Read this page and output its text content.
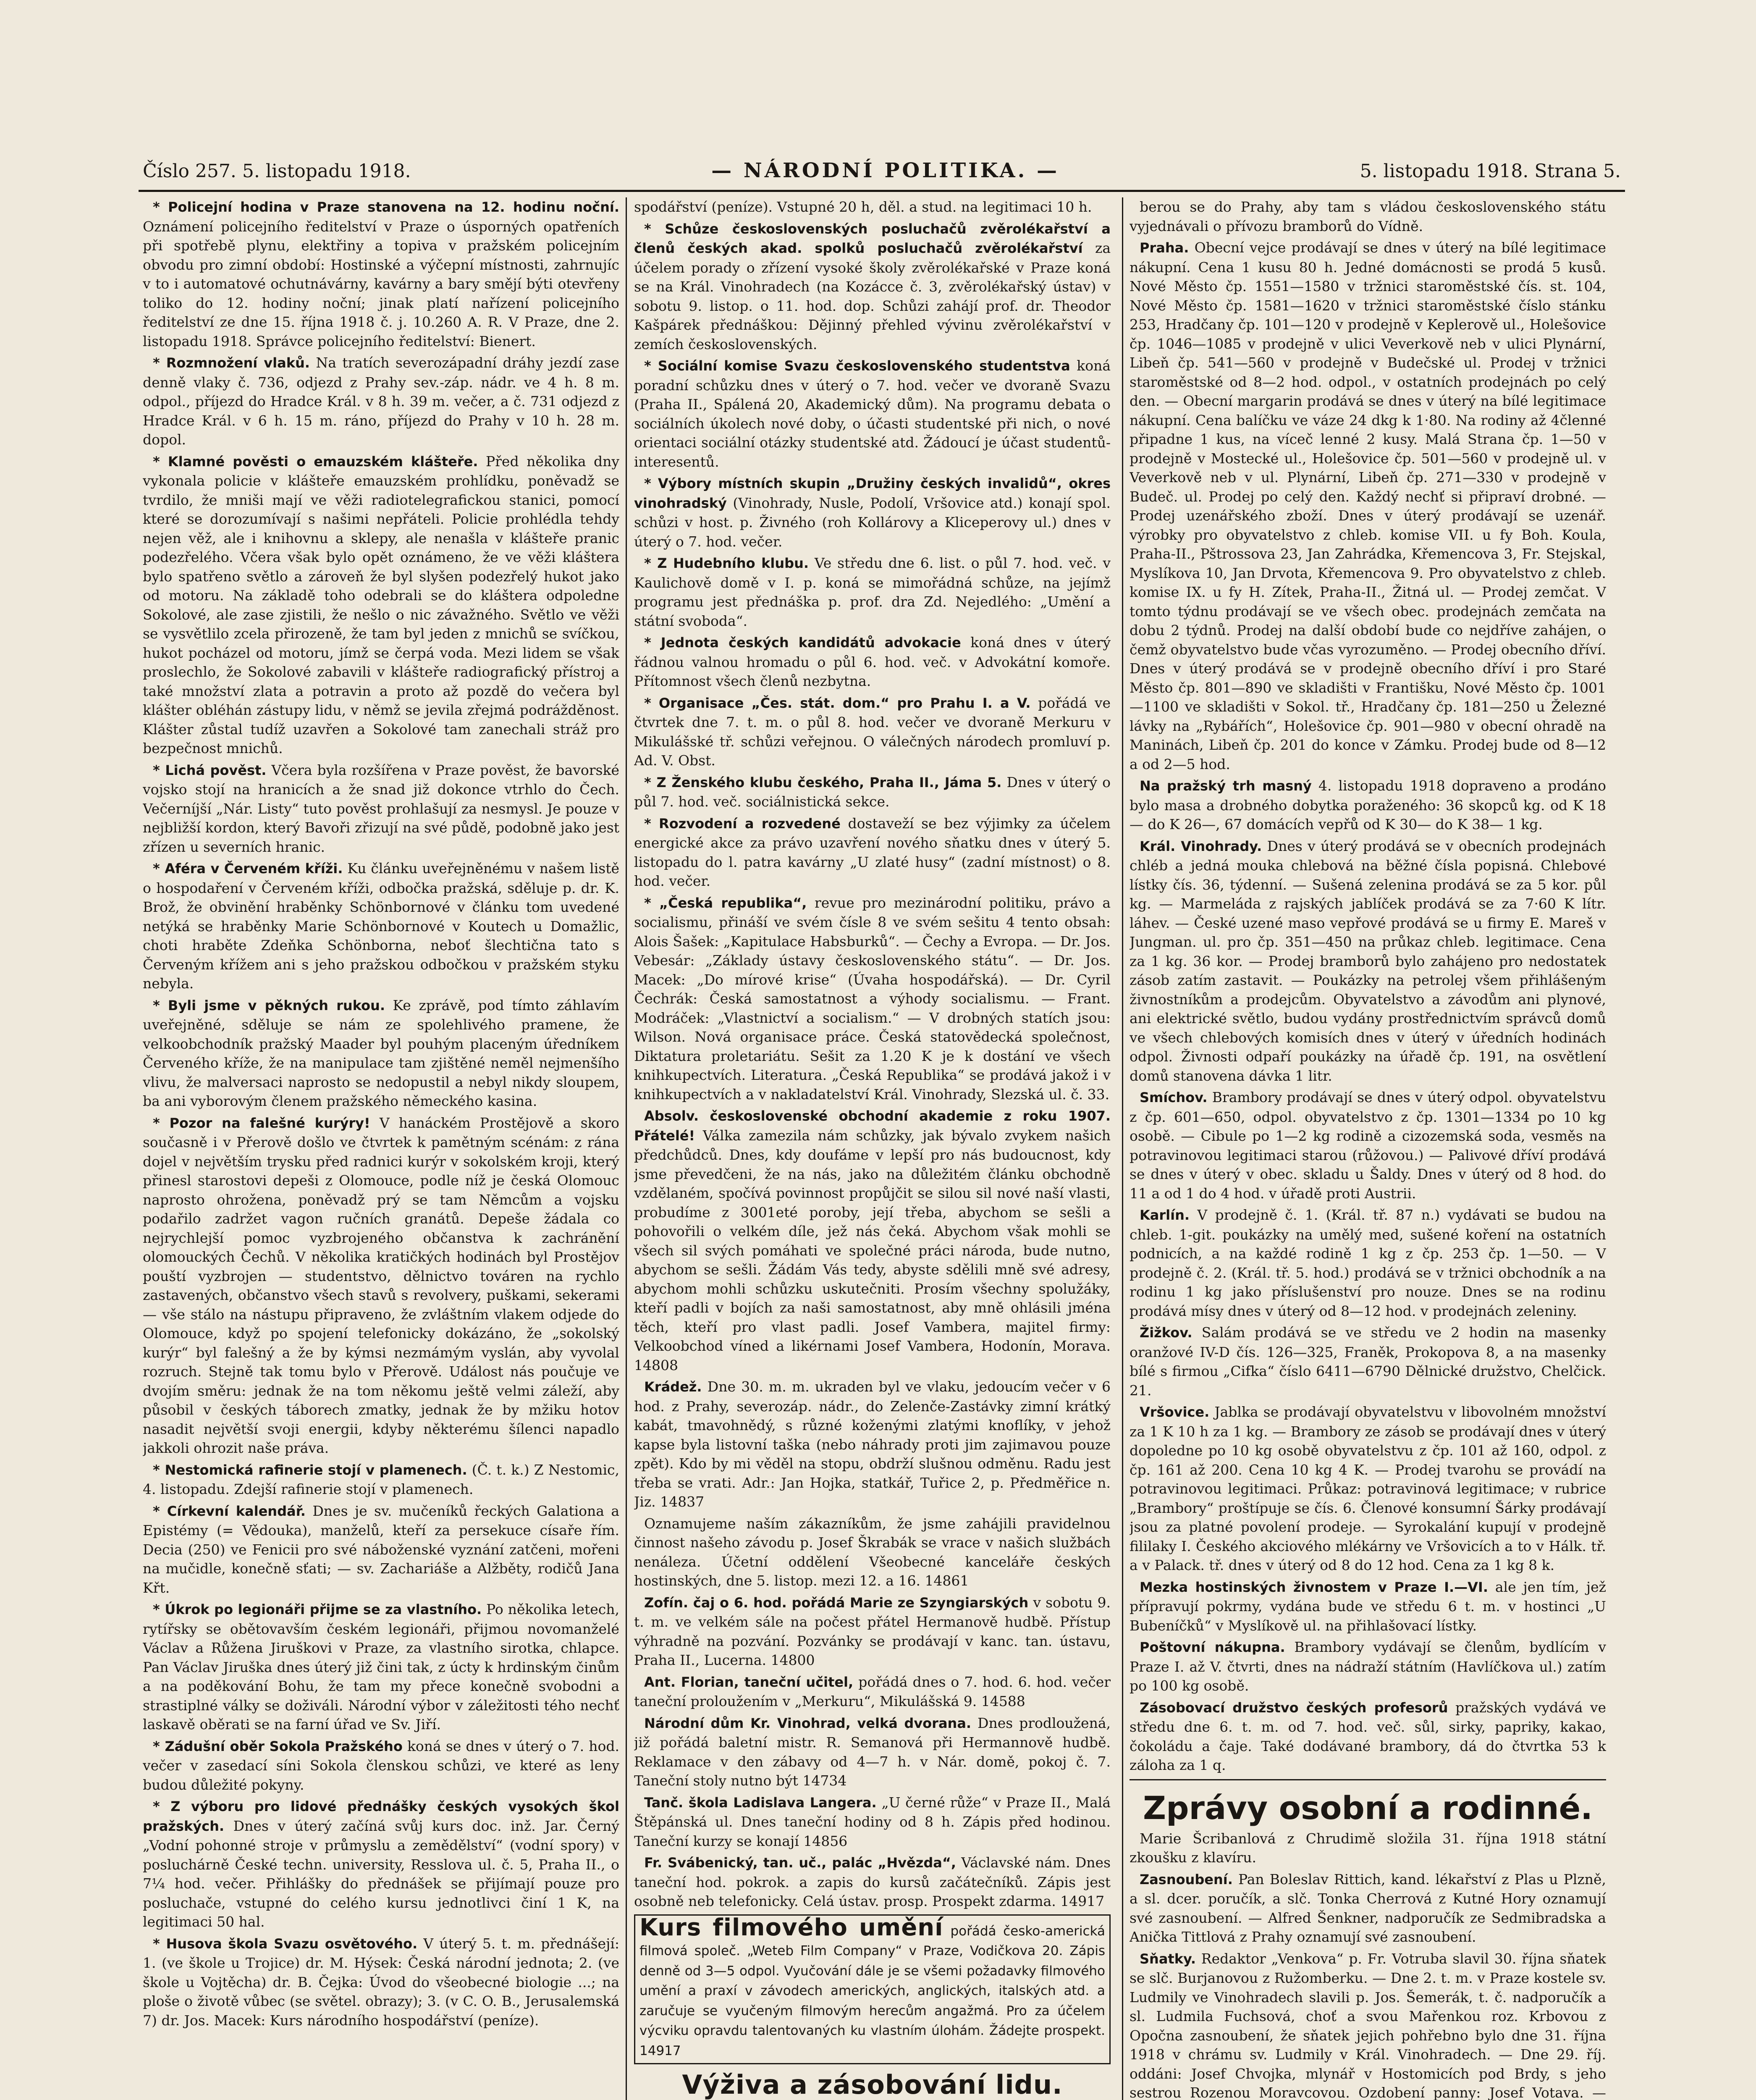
Číslo 257. 5. listopadu 1918.	— NÁRODNÍ POLITIKA. —	5. listopadu 1918. Strana 5.

* Policejní hodina v Praze stanovena na 12. hodinu noční. Oznámení policejního ředitelství v Praze o úsporných opatřeních při spotřebě plynu, elektřiny a topiva v pražském policejním obvodu pro zimní období: Hostinské a výčepní místnosti, zahrnujíc v to i automatové ochutnávárny, kavárny a bary smějí býti otevřeny toliko do 12. hodiny noční; jinak platí nařízení policejního ředitelství ze dne 15. října 1918 č. j. 10.260 A. R. V Praze, dne 2. listopadu 1918. Správce policejního ředitelství: Bienert.

* Rozmnožení vlaků. Na tratích severozápadní dráhy jezdí zase denně vlaky č. 736, odjezd z Prahy sev.-záp. nádr. ve 4 h. 8 m. odpol., příjezd do Hradce Král. v 8 h. 39 m. večer, a č. 731 odjezd z Hradce Král. v 6 h. 15 m. ráno, příjezd do Prahy v 10 h. 28 m. dopol.

* Klamné pověsti o emauzském klášteře. Před několika dny vykonala policie v klášteře emauzském prohlídku, poněvadž se tvrdilo, že mniši mají ve věži radiotelegrafickou stanici, pomocí které se dorozumívají s našimi nepřáteli. Policie prohlédla tehdy nejen věž, ale i knihovnu a sklepy, ale nenašla v klášteře pranic podezřelého. Včera však bylo opět oznámeno, že ve věži kláštera bylo spatřeno světlo a zároveň že byl slyšen podezřelý hukot jako od motoru. Na základě toho odebrali se do kláštera odpoledne Sokolové, ale zase zjistili, že nešlo o nic závažného. Světlo ve věži se vysvětlilo zcela přirozeně, že tam byl jeden z mnichů se svíčkou, hukot pocházel od motoru, jímž se čerpá voda. Mezi lidem se však proslechlo, že Sokolové zabavili v klášteře radiografický přístroj a také množství zlata a potravin a proto až pozdě do večera byl klášter obléhán zástupy lidu, v němž se jevila zřejmá podrážděnost. Klášter zůstal tudíž uzavřen a Sokolové tam zanechali stráž pro bezpečnost mnichů.

* Lichá pověst. Včera byla rozšířena v Praze pověst, že bavorské vojsko stojí na hranicích a že snad již dokonce vtrhlo do Čech. Večerníjší „Nár. Listy“ tuto pověst prohlašují za nesmysl. Je pouze v nejbližší kordon, který Bavoři zřizují na své půdě, podobně jako jest zřízen u severních hranic.

* Aféra v Červeném kříži. Ku článku uveřejněnému v našem listě o hospodaření v Červeném kříži, odbočka pražská, sděluje p. dr. K. Brož, že obvinění hraběnky Schönbornové v článku tom uvedené netýká se hraběnky Marie Schönbornové v Koutech u Domažlic, choti hraběte Zdeňka Schönborna, neboť šlechtična tato s Červeným křížem ani s jeho pražskou odbočkou v pražském styku nebyla.

* Byli jsme v pěkných rukou. Ke zprávě, pod tímto záhlavím uveřejněné, sděluje se nám ze spolehlivého pramene, že velkoobchodník pražský Maader byl pouhým placeným úředníkem Červeného kříže, že na manipulace tam zjištěné neměl nejmenšího vlivu, že malversaci naprosto se nedopustil a nebyl nikdy sloupem, ba ani vyborovým členem pražského německého kasina.

* Pozor na falešné kurýry! V hanáckém Prostějově a skoro současně i v Přerově došlo ve čtvrtek k pamětným scénám: z rána dojel v největším trysku před radnici kurýr v sokolském kroji, který přinesl starostovi depeši z Olomouce, podle níž je česká Olomouc naprosto ohrožena, poněvadž prý se tam Němcům a vojsku podařilo zadržet vagon ručních granátů. Depeše žádala co nejrychlejší pomoc vyzbrojeného občanstva k zachránění olomouckých Čechů. V několika kratičkých hodinách byl Prostějov pouští vyzbrojen — studentstvo, dělnictvo továren na rychlo zastavených, občanstvo všech stavů s revolvery, puškami, sekerami — vše stálo na nástupu připraveno, že zvláštním vlakem odjede do Olomouce, když po spojení telefonicky dokázáno, že „sokolský kurýr“ byl falešný a že by kýmsi nezmámým vyslán, aby vyvolal rozruch. Stejně tak tomu bylo v Přerově. Událost nás poučuje ve dvojím směru: jednak že na tom někomu ještě velmi záleží, aby působil v českých táborech zmatky, jednak že by mžiku hotov nasadit největší svoji energii, kdyby některému šílenci napadlo jakkoli ohrozit naše práva.

* Nestomická rafinerie stojí v plamenech. (Č. t. k.) Z Nestomic, 4. listopadu. Zdejší rafinerie stojí v plamenech.

* Církevní kalendář. Dnes je sv. mučeníků řeckých Galationa a Epistémy (= Vědouka), manželů, kteří za persekuce císaře řím. Decia (250) ve Fenicii pro své náboženské vyznání zatčeni, mořeni na mučidle, konečně sťati; — sv. Zachariáše a Alžběty, rodičů Jana Křt.

* Úkrok po legionáři přijme se za vlastního. Po několika letech, rytířsky se obětovavším českém legionáři, přijmou novomanželé Václav a Růžena Jiruškovi v Praze, za vlastního sirotka, chlapce. Pan Václav Jiruška dnes úterý již čini tak, z úcty k hrdinským činům a na poděkování Bohu, že tam my přece konečně svobodni a strastiplné války se doživáli. Národní výbor v záležitosti tého nechť laskavě oběrati se na farní úřad ve Sv. Jiří.

* Zádušní oběr Sokola Pražského koná se dnes v úterý o 7. hod. večer v zasedací síni Sokola členskou schůzi, ve které as leny budou důležité pokyny.

* Z výboru pro lidové přednášky českých vysokých škol pražských. Dnes v úterý začíná svůj kurs doc. inž. Jar. Černý „Vodní pohonné stroje v průmyslu a zemědělství“ (vodní spory) v posluchárně České techn. university, Resslova ul. č. 5, Praha II., o 7¼ hod. večer. Přihlášky do přednášek se přijímají pouze pro posluchače, vstupné do celého kursu jednotlivci činí 1 K, na legitimaci 50 hal.

* Husova škola Svazu osvětového. V úterý 5. t. m. přednášejí: 1. (ve škole u Trojice) dr. M. Hýsek: Česká národní jednota; 2. (ve škole u Vojtěcha) dr. B. Čejka: Úvod do všeobecné biologie ...; na ploše o životě vůbec (se světel. obrazy); 3. (v C. O. B., Jerusalemská 7) dr. Jos. Macek: Kurs národního hospodářství (peníze).

spodářství (peníze). Vstupné 20 h, děl. a stud. na legitimaci 10 h.

* Schůze československých posluchačů zvěrolékařství a členů českých akad. spolků posluchačů zvěrolékařství za účelem porady o zřízení vysoké školy zvěrolékařské v Praze koná se na Král. Vinohradech (na Kozácce č. 3, zvěrolékařský ústav) v sobotu 9. listop. o 11. hod. dop. Schůzi zahájí prof. dr. Theodor Kašpárek přednáškou: Dějinný přehled vývinu zvěrolékařství v zemích československých.

* Sociální komise Svazu československého studentstva koná poradní schůzku dnes v úterý o 7. hod. večer ve dvoraně Svazu (Praha II., Spálená 20, Akademický dům). Na programu debata o sociálních úkolech nové doby, o účasti studentské při nich, o nové orientaci sociální otázky studentské atd. Žádoucí je účast studentů-interesentů.

* Výbory místních skupin „Družiny českých invalidů“, okres vinohradský (Vinohrady, Nusle, Podolí, Vršovice atd.) konají spol. schůzi v host. p. Živného (roh Kollárovy a Kliceperovy ul.) dnes v úterý o 7. hod. večer.

* Z Hudebního klubu. Ve středu dne 6. list. o půl 7. hod. več. v Kaulichově domě v I. p. koná se mimořádná schůze, na jejímž programu jest přednáška p. prof. dra Zd. Nejedlého: „Umění a státní svoboda“.

* Jednota českých kandidátů advokacie koná dnes v úterý řádnou valnou hromadu o půl 6. hod. več. v Advokátní komoře. Přítomnost všech členů nezbytna.

* Organisace „Čes. stát. dom.“ pro Prahu I. a V. pořádá ve čtvrtek dne 7. t. m. o půl 8. hod. večer ve dvoraně Merkuru v Mikulášské tř. schůzi veřejnou. O válečných národech promluví p. Ad. V. Obst.

* Z Ženského klubu českého, Praha II., Jáma 5. Dnes v úterý o půl 7. hod. več. sociálnistická sekce.

* Rozvodení a rozvedené dostaveží se bez výjimky za účelem energické akce za právo uzavření nového sňatku dnes v úterý 5. listopadu do l. patra kavárny „U zlaté husy“ (zadní místnost) o 8. hod. večer.

* „Česká republika“, revue pro mezinárodní politiku, právo a socialismu, přináší ve svém čísle 8 ve svém sešitu 4 tento obsah: Alois Šašek: „Kapitulace Habsburků“. — Čechy a Evropa. — Dr. Jos. Vebesár: „Základy ústavy československého státu“. — Dr. Jos. Macek: „Do mírové krise“ (Úvaha hospodářská). — Dr. Cyril Čechrák: Česká samostatnost a výhody socialismu. — Frant. Modráček: „Vlastnictví a socialism.“ — V drobných statích jsou: Wilson. Nová organisace práce. Česká statovědecká společnost, Diktatura proletariátu. Sešit za 1.20 K je k dostání ve všech knihkupectvích. Literatura. „Česká Republika“ se prodává jakož i v knihkupectvích a v nakladatelství Král. Vinohrady, Slezská ul. č. 33.

Absolv. československé obchodní akademie z roku 1907. Přátelé! Válka zamezila nám schůzky, jak bývalo zvykem našich předchůdců. Dnes, kdy doufáme v lepší pro nás budoucnost, kdy jsme převedčeni, že na nás, jako na důležitém článku obchodně vzdělaném, spočívá povinnost propůjčit se silou sil nové naší vlasti, probudíme z 3001eté poroby, její třeba, abychom se sešli a pohovořili o velkém díle, jež nás čeká. Abychom však mohli se všech sil svých pomáhati ve společné práci národa, bude nutno, abychom se sešli. Žádám Vás tedy, abyste sdělili mně své adresy, abychom mohli schůzku uskutečniti. Prosím všechny spolužáky, kteří padli v bojích za naši samostatnost, aby mně ohlásili jména těch, kteří pro vlast padli. Josef Vambera, majitel firmy: Velkoobchod víned a likérnami Josef Vambera, Hodonín, Morava. 14808

Krádež. Dne 30. m. m. ukraden byl ve vlaku, jedoucím večer v 6 hod. z Prahy, severozáp. nádr., do Zelenče-Zastávky zimní krátký kabát, tmavohnědý, s různé koženými zlatými knoflíky, v jehož kapse byla listovní taška (nebo náhrady proti jim zajimavou pouze zpět). Kdo by mi věděl na stopu, obdrží slušnou odměnu. Radu jest třeba se vrati. Adr.: Jan Hojka, statkář, Tuřice 2, p. Předměřice n. Jiz. 14837

Oznamujeme naším zákazníkům, že jsme zahájili pravidelnou činnost našeho závodu p. Josef Škrabák se vrace v našich službách nenáleza. Účetní oddělení Všeobecné kanceláře českých hostinských, dne 5. listop. mezi 12. a 16. 14861

Zofín. čaj o 6. hod. pořádá Marie ze Szyngiarských v sobotu 9. t. m. ve velkém sále na počest přátel Hermanově hudbě. Přístup výhradně na pozvání. Pozvánky se prodávají v kanc. tan. ústavu, Praha II., Lucerna. 14800

Ant. Florian, taneční učitel, pořádá dnes o 7. hod. 6. hod. večer taneční proloužením v „Merkuru“, Mikulášská 9. 14588

Národní dům Kr. Vinohrad, velká dvorana. Dnes prodloužená, již pořádá baletní mistr. R. Semanová při Hermannově hudbě. Reklamace v den zábavy od 4—7 h. v Nár. domě, pokoj č. 7. Taneční stoly nutno být 14734

Tanč. škola Ladislava Langera. „U černé růže“ v Praze II., Malá Štěpánská ul. Dnes taneční hodiny od 8 h. Zápis před hodinou. Taneční kurzy se konají 14856

Fr. Svábenický, tan. uč., palác „Hvězda“, Václavské nám. Dnes taneční hod. pokrok. a zapis do kursů začátečníků. Zápis jest osobně neb telefonicky. Celá ústav. prosp. Prospekt zdarma. 14917

Kurs filmového umění pořádá česko-americká filmová společ. „Weteb Film Company“ v Praze, Vodičkova 20. Zápis denně od 3—5 odpol. Vyučování dále je se všemi požadavky filmového umění a praxí v závodech amerických, anglických, italských atd. a zaručuje se vyučeným filmovým herecům angažmá. Pro za účelem výcviku opravdu talentovaných ku vlastním úlohám. Žádejte prospekt. 14917
Výživa a zásobování lidu.

berou se do Prahy, aby tam s vládou československého státu vyjednávali o přívozu bramborů do Vídně.

Praha. Obecní vejce prodávají se dnes v úterý na bílé legitimace nákupní. Cena 1 kusu 80 h. Jedné domácnosti se prodá 5 kusů. Nové Město čp. 1551—1580 v tržnici staroměstské čís. st. 104, Nové Město čp. 1581—1620 v tržnici staroměstské číslo stánku 253, Hradčany čp. 101—120 v prodejně v Keplerově ul., Holešovice čp. 1046—1085 v prodejně v ulici Veverkově neb v ulici Plynární, Libeň čp. 541—560 v prodejně v Budečské ul. Prodej v tržnici staroměstské od 8—2 hod. odpol., v ostatních prodejnách po celý den. — Obecní margarin prodává se dnes v úterý na bílé legitimace nákupní. Cena balíčku ve váze 24 dkg k 1·80. Na rodiny až 4členné připadne 1 kus, na víceč lenné 2 kusy. Malá Strana čp. 1—50 v prodejně v Mostecké ul., Holešovice čp. 501—560 v prodejně ul. v Veverkově neb v ul. Plynární, Libeň čp. 271—330 v prodejně v Budeč. ul. Prodej po celý den. Každý nechť si připraví drobné. — Prodej uzenářského zboží. Dnes v úterý prodávají se uzenář. výrobky pro obyvatelstvo z chleb. komise VII. u fy Boh. Koula, Praha-II., Pštrossova 23, Jan Zahrádka, Křemencova 3, Fr. Stejskal, Myslíkova 10, Jan Drvota, Křemencova 9. Pro obyvatelstvo z chleb. komise IX. u fy H. Zítek, Praha-II., Žitná ul. — Prodej zemčat. V tomto týdnu prodávají se ve všech obec. prodejnách zemčata na dobu 2 týdnů. Prodej na další období bude co nejdříve zahájen, o čemž obyvatelstvo bude včas vyrozuměno. — Prodej obecního dříví. Dnes v úterý prodává se v prodejně obecního dříví i pro Staré Město čp. 801—890 ve skladišti v Františku, Nové Město čp. 1001—1100 ve skladišti v Sokol. tř., Hradčany čp. 181—250 u Železné lávky na „Rybářích“, Holešovice čp. 901—980 v obecní ohradě na Maninách, Libeň čp. 201 do konce v Zámku. Prodej bude od 8—12 a od 2—5 hod.

Na pražský trh masný 4. listopadu 1918 dopraveno a prodáno bylo masa a drobného dobytka poraženého: 36 skopců kg. od K 18— do K 26—, 67 domácích vepřů od K 30— do K 38— 1 kg.

Král. Vinohrady. Dnes v úterý prodává se v obecních prodejnách chléb a jedná mouka chlebová na běžné čísla popisná. Chlebové lístky čís. 36, týdenní. — Sušená zelenina prodává se za 5 kor. půl kg. — Marmeláda z rajských jablíček prodává se za 7·60 K lítr. láhev. — České uzené maso vepřové prodává se u firmy E. Mareš v Jungman. ul. pro čp. 351—450 na průkaz chleb. legitimace. Cena za 1 kg. 36 kor. — Prodej bramborů bylo zahájeno pro nedostatek zásob zatím zastavit. — Poukázky na petrolej všem přihlášeným živnostníkům a prodejcům. Obyvatelstvo a závodům ani plynové, ani elektrické světlo, budou vydány prostřednictvím správců domů ve všech chlebových komisích dnes v úterý v úředních hodinách odpol. Živnosti odpaří poukázky na úřadě čp. 191, na osvětlení domů stanovena dávka 1 litr.

Smíchov. Brambory prodávají se dnes v úterý odpol. obyvatelstvu z čp. 601—650, odpol. obyvatelstvo z čp. 1301—1334 po 10 kg osobě. — Cibule po 1—2 kg rodině a cizozemská soda, vesměs na potravinovou legitimaci starou (růžovou.) — Palivové dříví prodává se dnes v úterý v obec. skladu u Šaldy. Dnes v úterý od 8 hod. do 11 a od 1 do 4 hod. v úřadě proti Austrii.

Karlín. V prodejně č. 1. (Král. tř. 87 n.) vydávati se budou na chleb. 1-git. poukázky na umělý med, sušené koření na ostatních podnicích, a na každé rodině 1 kg z čp. 253 čp. 1—50. — V prodejně č. 2. (Král. tř. 5. hod.) prodává se v tržnici obchodník a na rodinu 1 kg jako příslušenství pro nouze. Dnes se na rodinu prodává mísy dnes v úterý od 8—12 hod. v prodejnách zeleniny.

Žižkov. Salám prodává se ve středu ve 2 hodin na masenky oranžové IV-D čís. 126—325, Franěk, Prokopova 8, a na masenky bílé s firmou „Cifka“ číslo 6411—6790 Dělnické družstvo, Chelčick. 21.

Vršovice. Jablka se prodávají obyvatelstvu v libovolném množství za 1 K 10 h za 1 kg. — Brambory ze zásob se prodávají dnes v úterý dopoledne po 10 kg osobě obyvatelstvu z čp. 101 až 160, odpol. z čp. 161 až 200. Cena 10 kg 4 K. — Prodej tvarohu se provádí na potravinovou legitimaci. Průkaz: potravinová legitimace; v rubrice „Brambory“ proštípuje se čís. 6. Členové konsumní Šárky prodávají jsou za platné povolení prodeje. — Syrokalání kupují v prodejně fililaky I. Českého akciového mlékárny ve Vršovicích a to v Hálk. tř. a v Palack. tř. dnes v úterý od 8 do 12 hod. Cena za 1 kg 8 k.

Mezka hostinských živnostem v Praze I.—VI. ale jen tím, jež přípravují pokrmy, vydána bude ve středu 6 t. m. v hostinci „U Bubeníčků“ v Myslíkově ul. na přihlašovací lístky.

Poštovní nákupna. Brambory vydávají se členům, bydlícím v Praze I. až V. čtvrti, dnes na nádraží státním (Havlíčkova ul.) zatím po 100 kg osobě.

Zásobovací družstvo českých profesorů pražských vydává ve středu dne 6. t. m. od 7. hod. več. sůl, sirky, papriky, kakao, čokoládu a čaje. Také dodávané brambory, dá do čtvrtka 53 k záloha za 1 q.

Zprávy osobní a rodinné.

Marie Šcribanlová z Chrudimě složila 31. října 1918 státní zkoušku z klavíru.

Zasnoubení. Pan Boleslav Rittich, kand. lékařství z Plas u Plzně, a sl. dcer. poručík, a slč. Tonka Cherrová z Kutné Hory oznamují své zasnoubení. — Alfred Šenkner, nadporučík ze Sedmibradska a Anička Tittlová z Prahy oznamují své zasnoubení.

Sňatky. Redaktor „Venkova“ p. Fr. Votruba slavil 30. října sňatek se slč. Burjanovou z Ružomberku. — Dne 2. t. m. v Praze kostele sv. Ludmily ve Vinohradech slavili p. Jos. Šemerák, t. č. nadporučík a sl. Ludmila Fuchsová, choť a svou Mařenkou roz. Krbovou z Opočna zasnoubení, že sňatek jejich pohřebno bylo dne 31. října 1918 v chrámu sv. Ludmily v Král. Vinohradech. — Dne 29. říj. oddáni: Josef Chvojka, mlynář v Hostomicích pod Brdy, s jeho sestrou Rozenou Moravcovou. Ozdobení panny: Josef Votava. —
